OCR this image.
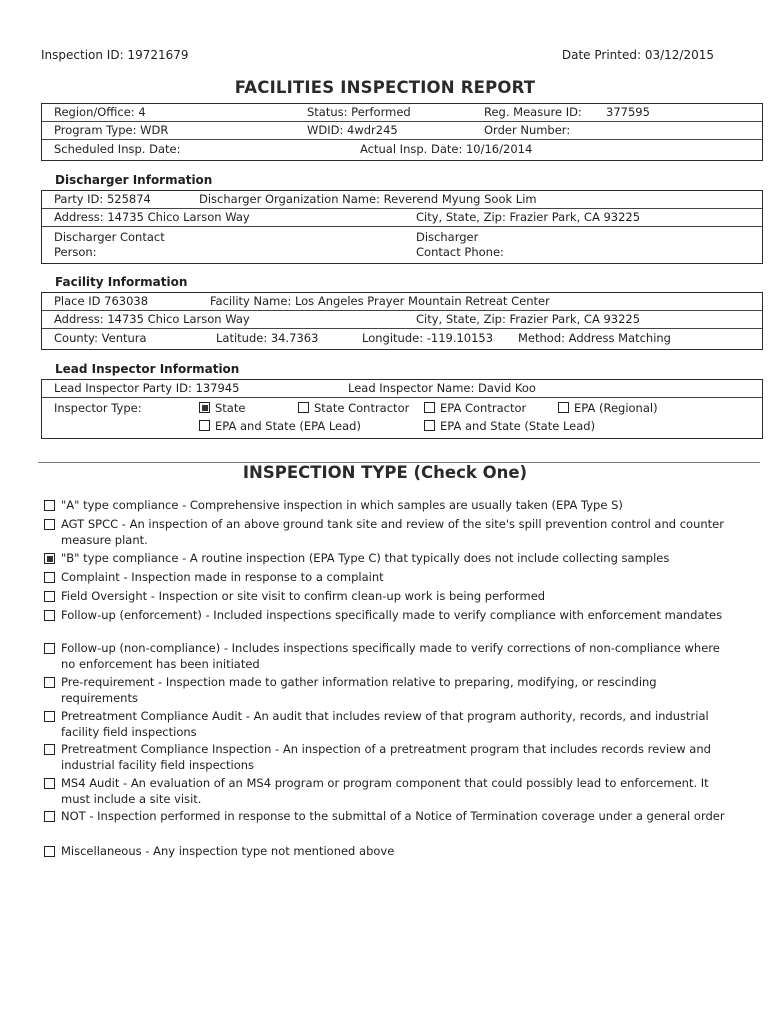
Inspection ID: 19721679	Date Printed: 03/12/2015
FACILITIES INSPECTION REPORT
Region/Office: 4	Status: Performed	Reg. Measure ID: 377595
Program Type: WDR	WDID: 4wdr245	Order Number:
Scheduled Insp. Date:	Actual Insp. Date: 10/16/2014
Discharger Information
Party ID: 525874	Discharger Organization Name: Reverend Myung Sook Lim
Address: 14735 Chico Larson Way	City, State, Zip: Frazier Park, CA 93225
Discharger Contact Person:
Discharger Contact Phone:
Facility Information
Place ID 763038	Facility Name: Los Angeles Prayer Mountain Retreat Center
Address: 14735 Chico Larson Way	City, State, Zip: Frazier Park, CA 93225
County: Ventura	Latitude: 34.7363	Longitude: -119.10153 Method: Address Matching
Lead Inspector Information
Lead Inspector Party ID: 137945	Lead Inspector Name: David Koo
Inspector Type:	State	State Contractor	EPA Contractor	EPA (Regional)
EPA and State (EPA Lead)	EPA and State (State Lead)
INSPECTION TYPE (Check One)
"A" type compliance - Comprehensive inspection in which samples are usually taken (EPA Type S)
AGT SPCC - An inspection of an above ground tank site and review of the site's spill prevention control and counter measure plant.
"B" type compliance - A routine inspection (EPA Type C) that typically does not include collecting samples
Complaint - Inspection made in response to a complaint
Field Oversight - Inspection or site visit to confirm clean-up work is being performed
Follow-up (enforcement) - Included inspections specifically made to verify compliance with enforcement mandates
Follow-up (non-compliance) - Includes inspections specifically made to verify corrections of non-compliance where no enforcement has been initiated
Pre-requirement - Inspection made to gather information relative to preparing, modifying, or rescinding requirements
Pretreatment Compliance Audit - An audit that includes review of that program authority, records, and industrial facility field inspections
Pretreatment Compliance Inspection - An inspection of a pretreatment program that includes records review and industrial facility field inspections
MS4 Audit - An evaluation of an MS4 program or program component that could possibly lead to enforcement. It must include a site visit.
NOT - Inspection performed in response to the submittal of a Notice of Termination coverage under a general order
Miscellaneous - Any inspection type not mentioned above
